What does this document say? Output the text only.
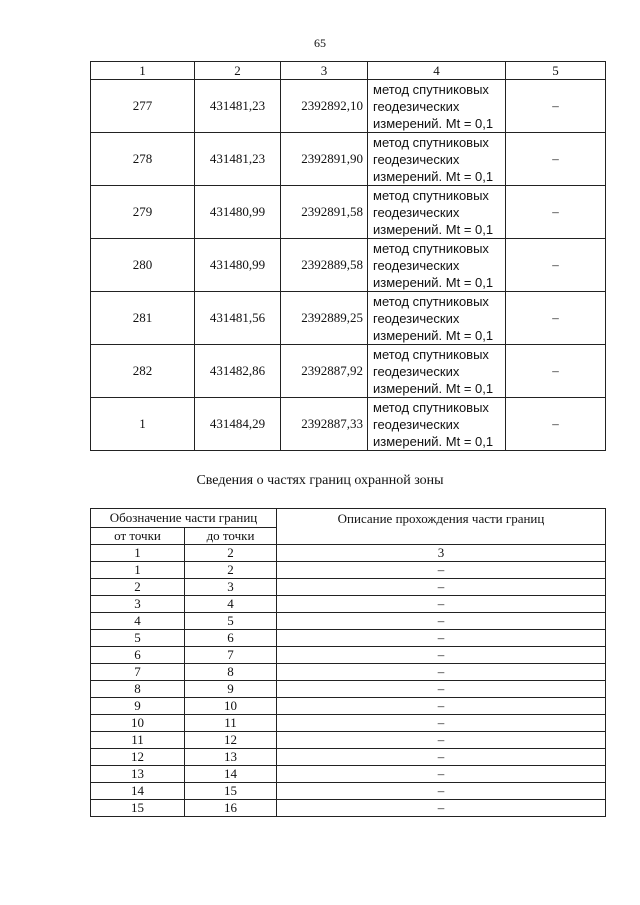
65
1	2	3	4	5
277	431481,23	2392892,10	метод спутниковых
геодезических
измерений. Mt = 0,1	–
278	431481,23	2392891,90	метод спутниковых
геодезических
измерений. Mt = 0,1	–
279	431480,99	2392891,58	метод спутниковых
геодезических
измерений. Mt = 0,1	–
280	431480,99	2392889,58	метод спутниковых
геодезических
измерений. Mt = 0,1	–
281	431481,56	2392889,25	метод спутниковых
геодезических
измерений. Mt = 0,1	–
282	431482,86	2392887,92	метод спутниковых
геодезических
измерений. Mt = 0,1	–
1	431484,29	2392887,33	метод спутниковых
геодезических
измерений. Mt = 0,1	–
Сведения о частях границ охранной зоны
Обозначение части границ		Описание прохождения части границ
от точки	до точки	
1	2	3
1	2	–
2	3	–
3	4	–
4	5	–
5	6	–
6	7	–
7	8	–
8	9	–
9	10	–
10	11	–
11	12	–
12	13	–
13	14	–
14	15	–
15	16	–
